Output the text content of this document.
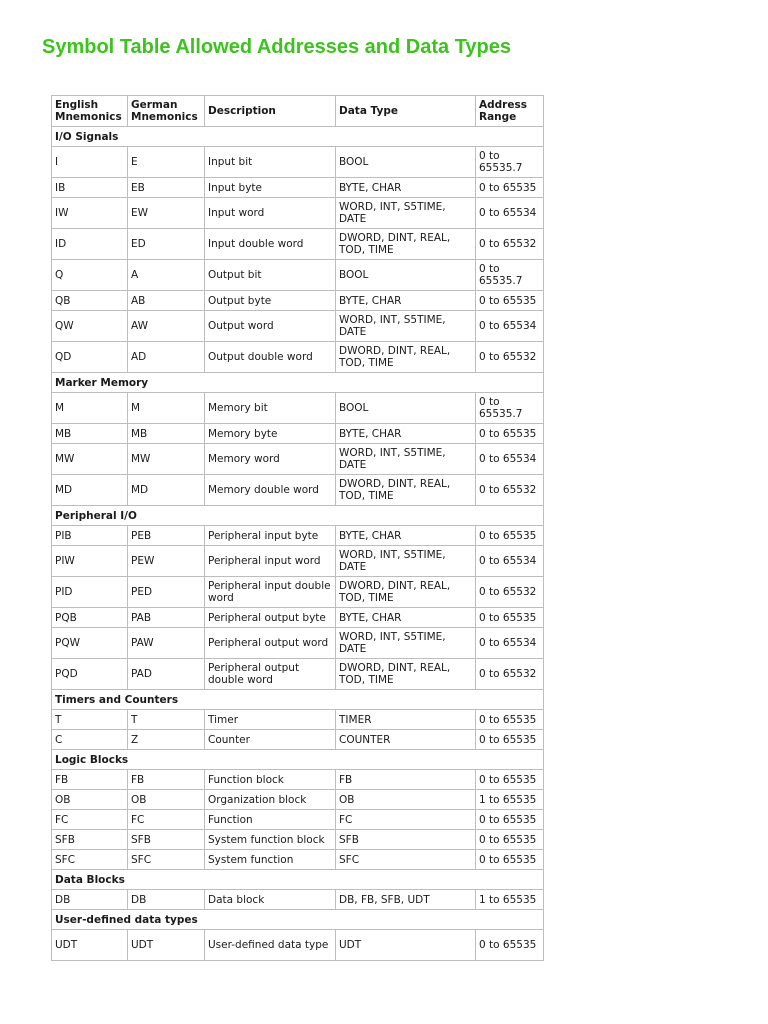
Symbol Table Allowed Addresses and Data Types
English Mnemonics	German Mnemonics	Description	Data Type	Address Range
I/O Signals				
I	E	Input bit	BOOL	0 to 65535.7
IB	EB	Input byte	BYTE, CHAR	0 to 65535
IW	EW	Input word	WORD, INT, S5TIME, DATE	0 to 65534
ID	ED	Input double word	DWORD, DINT, REAL, TOD, TIME	0 to 65532
Q	A	Output bit	BOOL	0 to 65535.7
QB	AB	Output byte	BYTE, CHAR	0 to 65535
QW	AW	Output word	WORD, INT, S5TIME, DATE	0 to 65534
QD	AD	Output double word	DWORD, DINT, REAL, TOD, TIME	0 to 65532
Marker Memory				
M	M	Memory bit	BOOL	0 to 65535.7
MB	MB	Memory byte	BYTE, CHAR	0 to 65535
MW	MW	Memory word	WORD, INT, S5TIME, DATE	0 to 65534
MD	MD	Memory double word	DWORD, DINT, REAL, TOD, TIME	0 to 65532
Peripheral I/O				
PIB	PEB	Peripheral input byte	BYTE, CHAR	0 to 65535
PIW	PEW	Peripheral input word	WORD, INT, S5TIME, DATE	0 to 65534
PID	PED	Peripheral input double word	DWORD, DINT, REAL, TOD, TIME	0 to 65532
PQB	PAB	Peripheral output byte	BYTE, CHAR	0 to 65535
PQW	PAW	Peripheral output word	WORD, INT, S5TIME, DATE	0 to 65534
PQD	PAD	Peripheral output double word	DWORD, DINT, REAL, TOD, TIME	0 to 65532
Timers and Counters				
T	T	Timer	TIMER	0 to 65535
C	Z	Counter	COUNTER	0 to 65535
Logic Blocks				
FB	FB	Function block	FB	0 to 65535
OB	OB	Organization block	OB	1 to 65535
FC	FC	Function	FC	0 to 65535
SFB	SFB	System function block	SFB	0 to 65535
SFC	SFC	System function	SFC	0 to 65535
Data Blocks				
DB	DB	Data block	DB, FB, SFB, UDT	1 to 65535
User-defined data types				
UDT	UDT	User-defined data type	UDT	0 to 65535
